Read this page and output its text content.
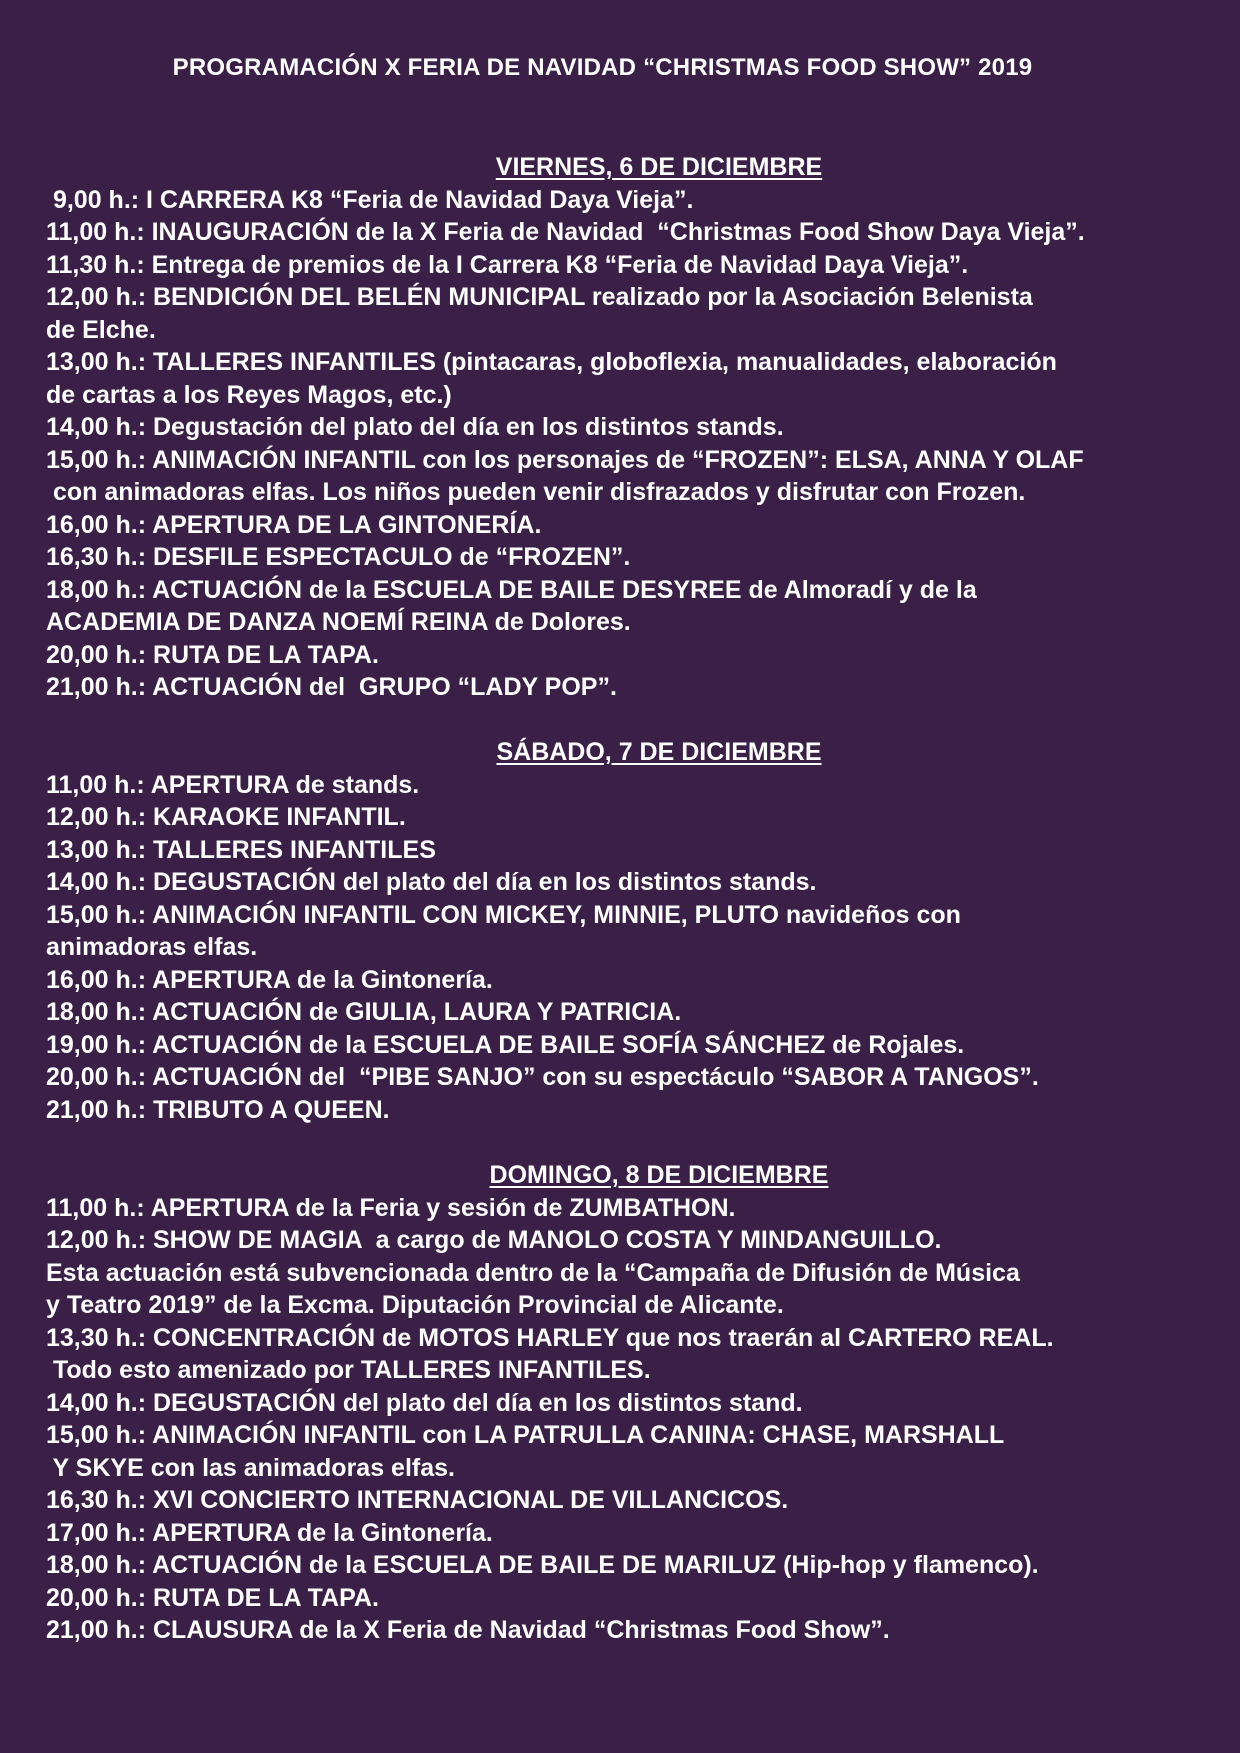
PROGRAMACIÓN X FERIA DE NAVIDAD “CHRISTMAS FOOD SHOW” 2019
VIERNES, 6 DE DICIEMBRE
9,00 h.: I CARRERA K8 “Feria de Navidad Daya Vieja”.
11,00 h.: INAUGURACIÓN de la X Feria de Navidad  “Christmas Food Show Daya Vieja”.
11,30 h.: Entrega de premios de la I Carrera K8 “Feria de Navidad Daya Vieja”.
12,00 h.: BENDICIÓN DEL BELÉN MUNICIPAL realizado por la Asociación Belenista
de Elche.
13,00 h.: TALLERES INFANTILES (pintacaras, globoflexia, manualidades, elaboración
de cartas a los Reyes Magos, etc.)
14,00 h.: Degustación del plato del día en los distintos stands.
15,00 h.: ANIMACIÓN INFANTIL con los personajes de “FROZEN”: ELSA, ANNA Y OLAF
con animadoras elfas. Los niños pueden venir disfrazados y disfrutar con Frozen.
16,00 h.: APERTURA DE LA GINTONERÍA.
16,30 h.: DESFILE ESPECTACULO de “FROZEN”.
18,00 h.: ACTUACIÓN de la ESCUELA DE BAILE DESYREE de Almoradí y de la
ACADEMIA DE DANZA NOEMÍ REINA de Dolores.
20,00 h.: RUTA DE LA TAPA.
21,00 h.: ACTUACIÓN del  GRUPO “LADY POP”.
SÁBADO, 7 DE DICIEMBRE
11,00 h.: APERTURA de stands.
12,00 h.: KARAOKE INFANTIL.
13,00 h.: TALLERES INFANTILES
14,00 h.: DEGUSTACIÓN del plato del día en los distintos stands.
15,00 h.: ANIMACIÓN INFANTIL CON MICKEY, MINNIE, PLUTO navideños con
animadoras elfas.
16,00 h.: APERTURA de la Gintonería.
18,00 h.: ACTUACIÓN de GIULIA, LAURA Y PATRICIA.
19,00 h.: ACTUACIÓN de la ESCUELA DE BAILE SOFÍA SÁNCHEZ de Rojales.
20,00 h.: ACTUACIÓN del  “PIBE SANJO” con su espectáculo “SABOR A TANGOS”.
21,00 h.: TRIBUTO A QUEEN.
DOMINGO, 8 DE DICIEMBRE
11,00 h.: APERTURA de la Feria y sesión de ZUMBATHON.
12,00 h.: SHOW DE MAGIA  a cargo de MANOLO COSTA Y MINDANGUILLO.
Esta actuación está subvencionada dentro de la “Campaña de Difusión de Música
y Teatro 2019” de la Excma. Diputación Provincial de Alicante.
13,30 h.: CONCENTRACIÓN de MOTOS HARLEY que nos traerán al CARTERO REAL.
Todo esto amenizado por TALLERES INFANTILES.
14,00 h.: DEGUSTACIÓN del plato del día en los distintos stand.
15,00 h.: ANIMACIÓN INFANTIL con LA PATRULLA CANINA: CHASE, MARSHALL
Y SKYE con las animadoras elfas.
16,30 h.: XVI CONCIERTO INTERNACIONAL DE VILLANCICOS.
17,00 h.: APERTURA de la Gintonería.
18,00 h.: ACTUACIÓN de la ESCUELA DE BAILE DE MARILUZ (Hip-hop y flamenco).
20,00 h.: RUTA DE LA TAPA.
21,00 h.: CLAUSURA de la X Feria de Navidad “Christmas Food Show”.
